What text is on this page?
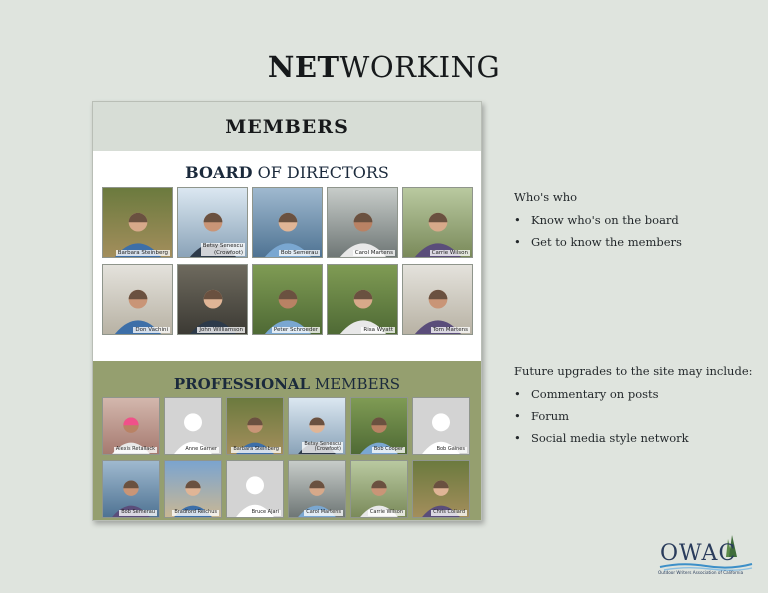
NETWORKING
MEMBERS
BOARD OF DIRECTORS
Barbara Steinberg
Betsy Senescu
(Crowfoot)	Bob Semerau	Carol Martens	Carrie Wilson
Don Vachini	John Williamson	Peter Schroeder	Risa Wyatt	Tom Martens
PROFESSIONAL MEMBERS
Alexis Retallack	Anne Garner	Barbara Steinberg
Betsy Senescu
(Crowfoot)	Bob Cooper	Bob Gaines
Bob Semerau	Bradford Reichus	Bruce Ajari	Carol Martens	Carrie Wilson	Chris Collard
Who's who
• Know who's on the board
• Get to know the members
Future upgrades to the site may include:
• Commentary on posts
• Forum
• Social media style network
OWAC
Outdoor Writers Association of California
